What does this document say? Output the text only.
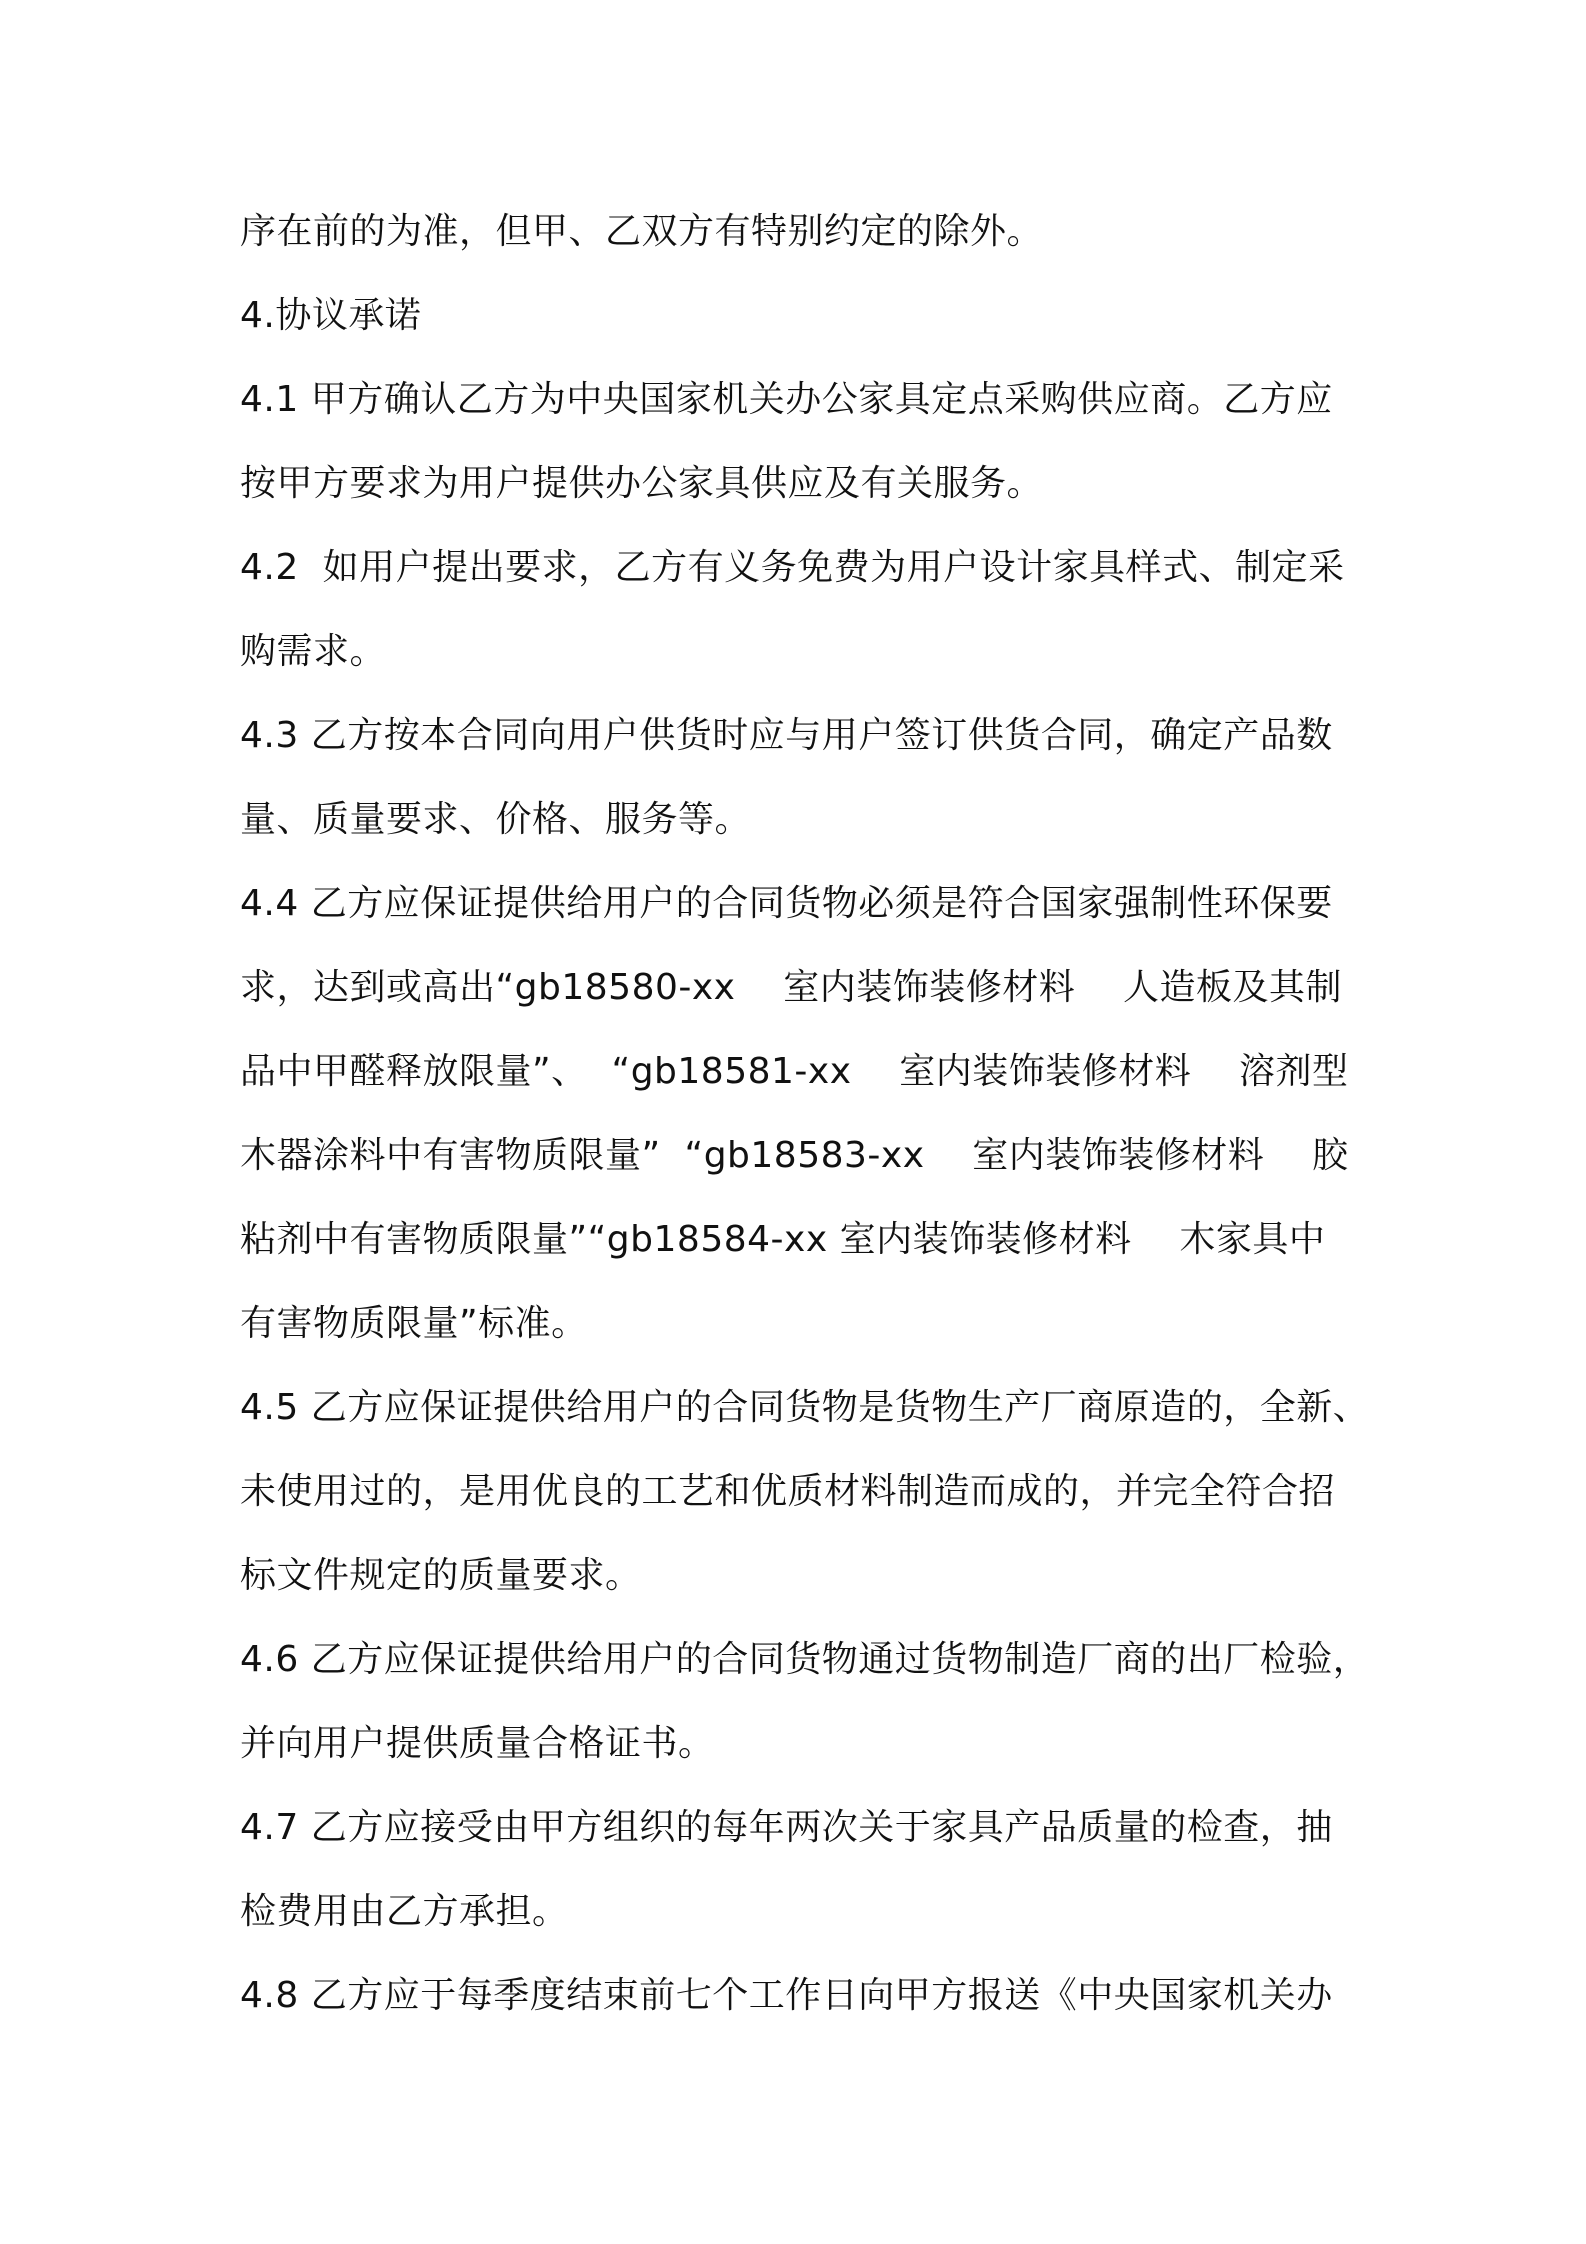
序在前的为准，但甲、乙双方有特别约定的除外。
4.协议承诺
4.1 甲方确认乙方为中央国家机关办公家具定点采购供应商。乙方应
按甲方要求为用户提供办公家具供应及有关服务。
4.2  如用户提出要求，乙方有义务免费为用户设计家具样式、制定采
购需求。
4.3 乙方按本合同向用户供货时应与用户签订供货合同，确定产品数
量、质量要求、价格、服务等。
4.4 乙方应保证提供给用户的合同货物必须是符合国家强制性环保要
求，达到或高出“gb18580-xx    室内装饰装修材料    人造板及其制
品中甲醛释放限量”、  “gb18581-xx    室内装饰装修材料    溶剂型
木器涂料中有害物质限量”  “gb18583-xx    室内装饰装修材料    胶
粘剂中有害物质限量”“gb18584-xx 室内装饰装修材料    木家具中
有害物质限量”标准。
4.5 乙方应保证提供给用户的合同货物是货物生产厂商原造的，全新、
未使用过的，是用优良的工艺和优质材料制造而成的，并完全符合招
标文件规定的质量要求。
4.6 乙方应保证提供给用户的合同货物通过货物制造厂商的出厂检验，
并向用户提供质量合格证书。
4.7 乙方应接受由甲方组织的每年两次关于家具产品质量的检查，抽
检费用由乙方承担。
4.8 乙方应于每季度结束前七个工作日向甲方报送《中央国家机关办
